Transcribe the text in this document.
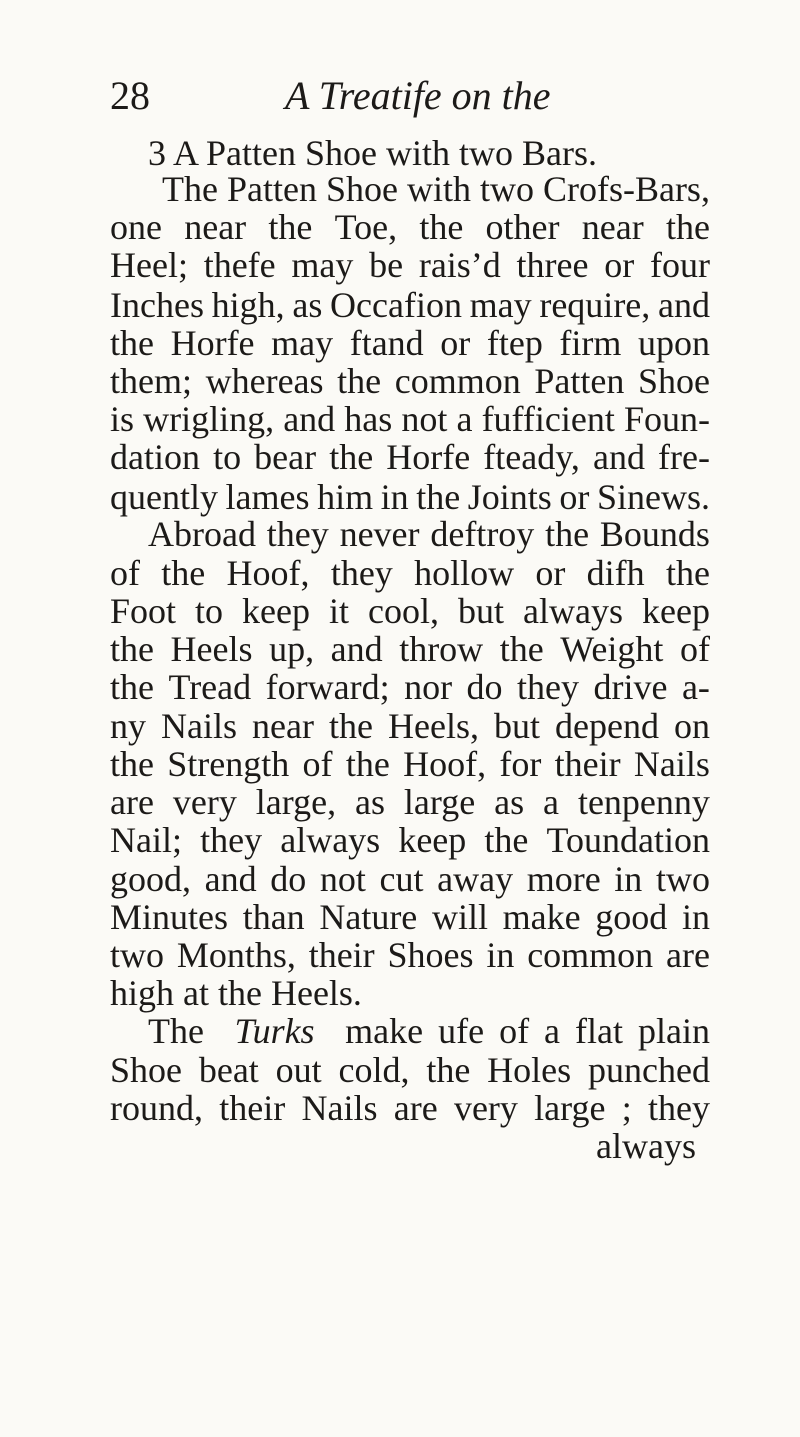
28	A Treatife on the
3 A Patten Shoe with two Bars.
The Patten Shoe with two Crofs-Bars,
one near the Toe, the other near the
Heel; thefe may be rais’d three or four
Inches high, as Occafion may require, and
the Horfe may ftand or ftep firm upon
them; whereas the common Patten Shoe
is wrigling, and has not a fufficient Foun-
dation to bear the Horfe fteady, and fre-
quently lames him in the Joints or Sinews.
Abroad they never deftroy the Bounds
of the Hoof, they hollow or difh the
Foot to keep it cool, but always keep
the Heels up, and throw the Weight of
the Tread forward; nor do they drive a-
ny Nails near the Heels, but depend on
the Strength of the Hoof, for their Nails
are very large, as large as a tenpenny
Nail; they always keep the Toundation
good, and do not cut away more in two
Minutes than Nature will make good in
two Months, their Shoes in common are
high at the Heels.
The Turks make ufe of a flat plain
Shoe beat out cold, the Holes punched
round, their Nails are very large ; they
always
